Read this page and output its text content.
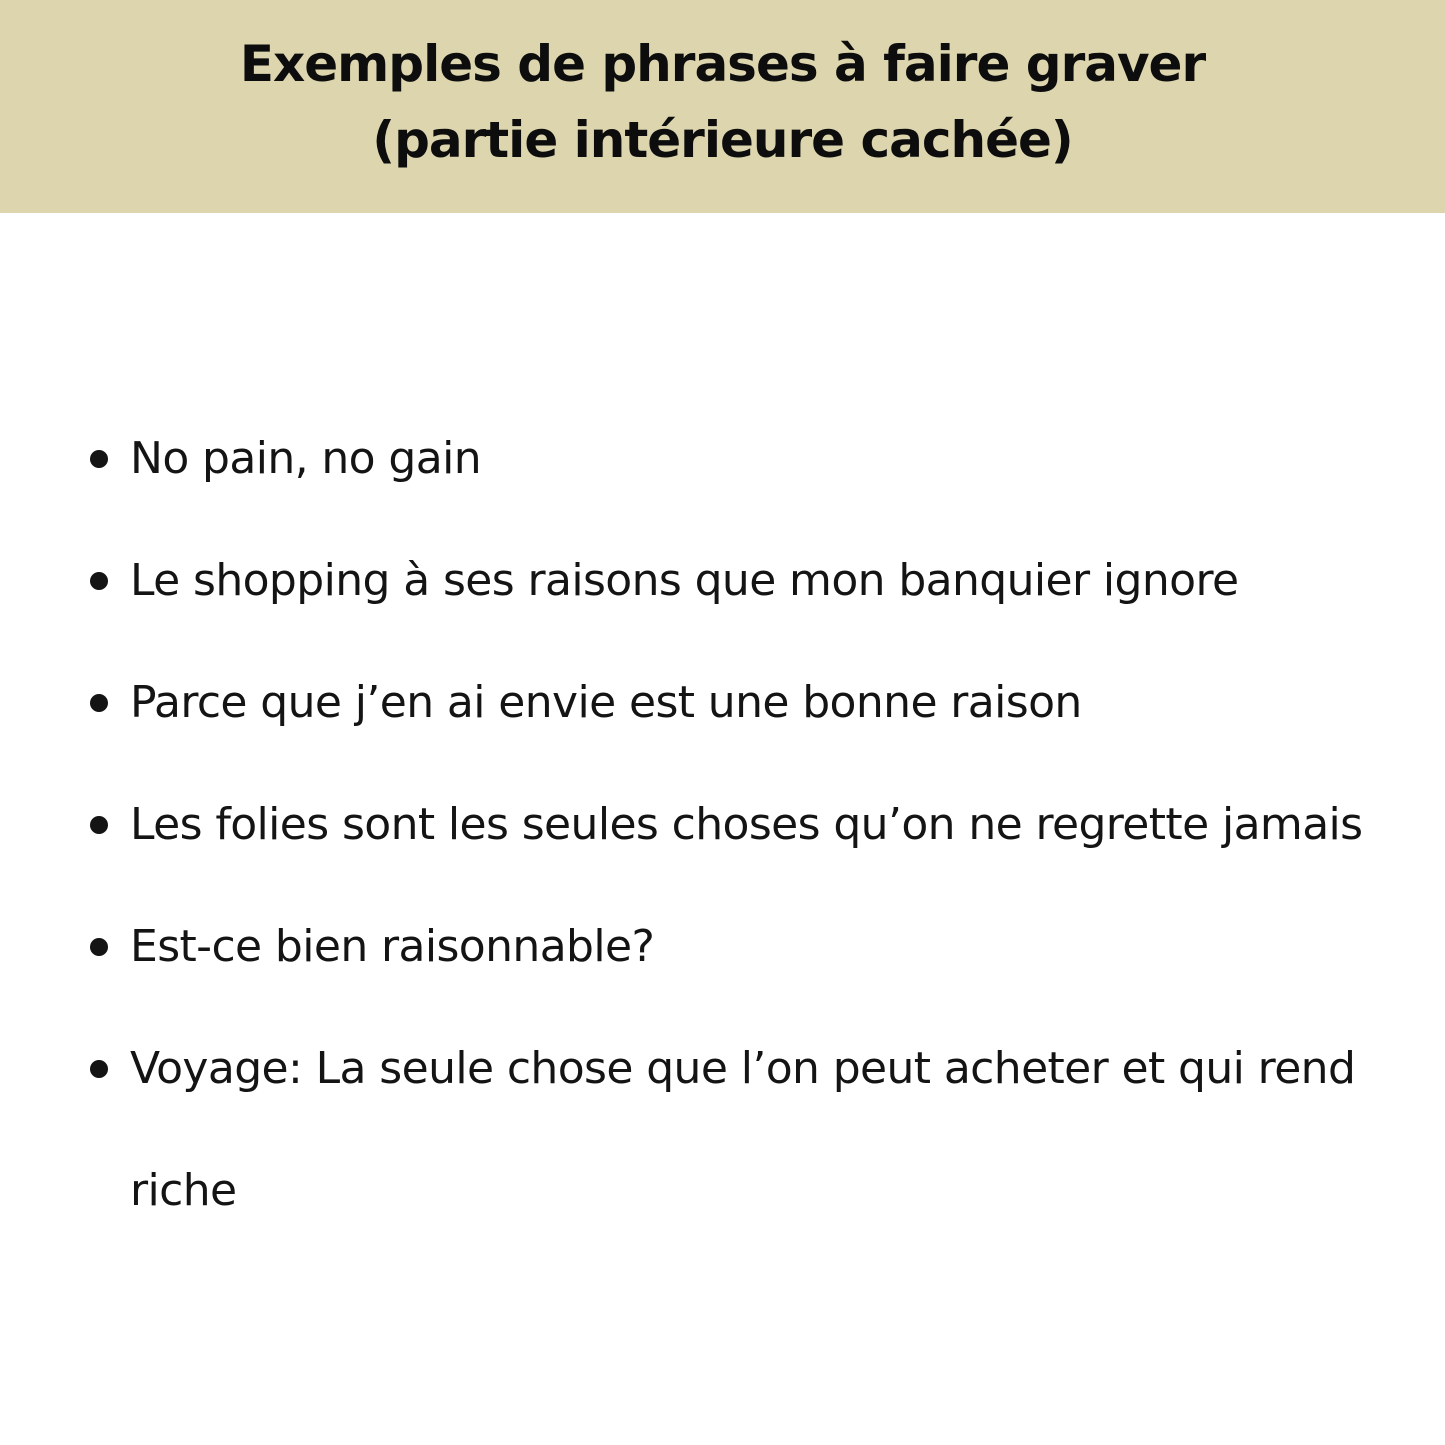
Exemples de phrases à faire graver
(partie intérieure cachée)
No pain, no gain
Le shopping à ses raisons que mon banquier ignore
Parce que j’en ai envie est une bonne raison
Les folies sont les seules choses qu’on ne regrette jamais
Est-ce bien raisonnable?
Voyage: La seule chose que l’on peut acheter et qui rend riche
